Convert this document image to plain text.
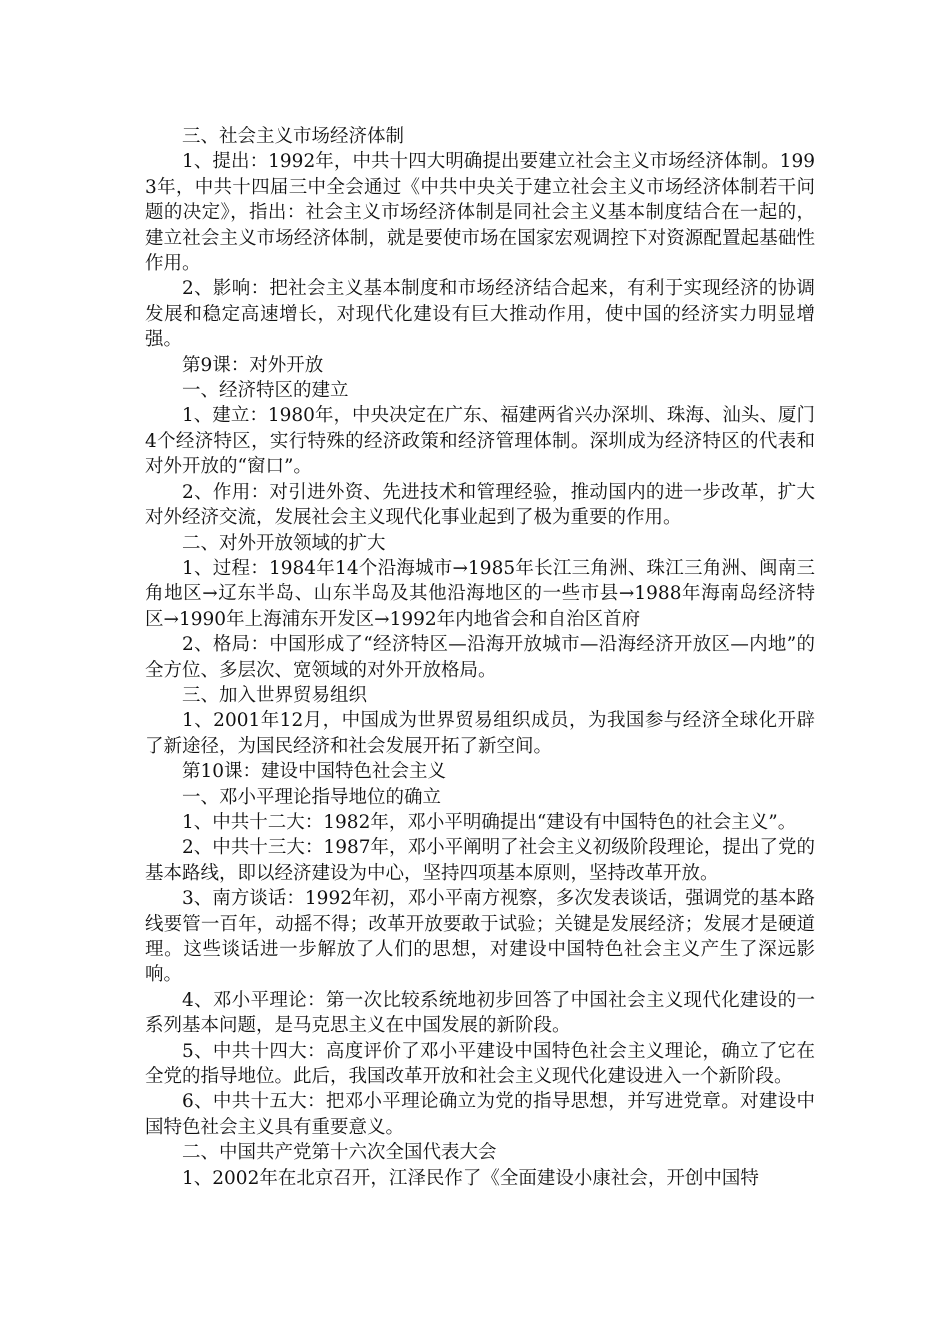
三、社会主义市场经济体制

1、提出：1992年，中共十四大明确提出要建立社会主义市场经济体制。1993年，中共十四届三中全会通过《中共中央关于建立社会主义市场经济体制若干问题的决定》，指出：社会主义市场经济体制是同社会主义基本制度结合在一起的，建立社会主义市场经济体制，就是要使市场在国家宏观调控下对资源配置起基础性作用。

2、影响：把社会主义基本制度和市场经济结合起来，有利于实现经济的协调发展和稳定高速增长，对现代化建设有巨大推动作用，使中国的经济实力明显增强。

第9课：对外开放

一、经济特区的建立

1、建立：1980年，中央决定在广东、福建两省兴办深圳、珠海、汕头、厦门4个经济特区，实行特殊的经济政策和经济管理体制。深圳成为经济特区的代表和对外开放的“窗口”。

2、作用：对引进外资、先进技术和管理经验，推动国内的进一步改革，扩大对外经济交流，发展社会主义现代化事业起到了极为重要的作用。

二、对外开放领域的扩大

1、过程：1984年14个沿海城市→1985年长江三角洲、珠江三角洲、闽南三角地区→辽东半岛、山东半岛及其他沿海地区的一些市县→1988年海南岛经济特区→1990年上海浦东开发区→1992年内地省会和自治区首府

2、格局：中国形成了“经济特区—沿海开放城市—沿海经济开放区—内地”的全方位、多层次、宽领域的对外开放格局。

三、加入世界贸易组织

1、2001年12月，中国成为世界贸易组织成员，为我国参与经济全球化开辟了新途径，为国民经济和社会发展开拓了新空间。

第10课：建设中国特色社会主义

一、邓小平理论指导地位的确立

1、中共十二大：1982年，邓小平明确提出“建设有中国特色的社会主义”。

2、中共十三大：1987年，邓小平阐明了社会主义初级阶段理论，提出了党的基本路线，即以经济建设为中心，坚持四项基本原则，坚持改革开放。

3、南方谈话：1992年初，邓小平南方视察，多次发表谈话，强调党的基本路线要管一百年，动摇不得；改革开放要敢于试验；关键是发展经济；发展才是硬道理。这些谈话进一步解放了人们的思想，对建设中国特色社会主义产生了深远影响。

4、邓小平理论：第一次比较系统地初步回答了中国社会主义现代化建设的一系列基本问题，是马克思主义在中国发展的新阶段。

5、中共十四大：高度评价了邓小平建设中国特色社会主义理论，确立了它在全党的指导地位。此后，我国改革开放和社会主义现代化建设进入一个新阶段。

6、中共十五大：把邓小平理论确立为党的指导思想，并写进党章。对建设中国特色社会主义具有重要意义。

二、中国共产党第十六次全国代表大会

1、2002年在北京召开，江泽民作了《全面建设小康社会，开创中国特
